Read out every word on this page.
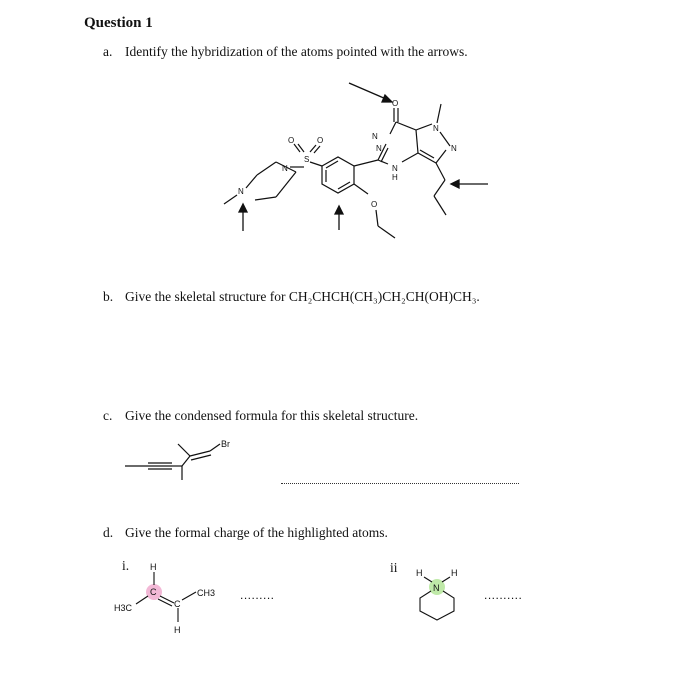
Question 1
a. Identify the hybridization of the atoms pointed with the arrows.
O
N
N
N
N
H
N
S
O	O
N
N
O
b. Give the skeletal structure for CH₂CHCH(CH₃)CH₂CH(OH)CH₃.
c. Give the condensed formula for this skeletal structure.
Br
d. Give the formal charge of the highlighted atoms.
i. H
C	CH3
H3C	C
H
.........
ii H	H
N	..........
